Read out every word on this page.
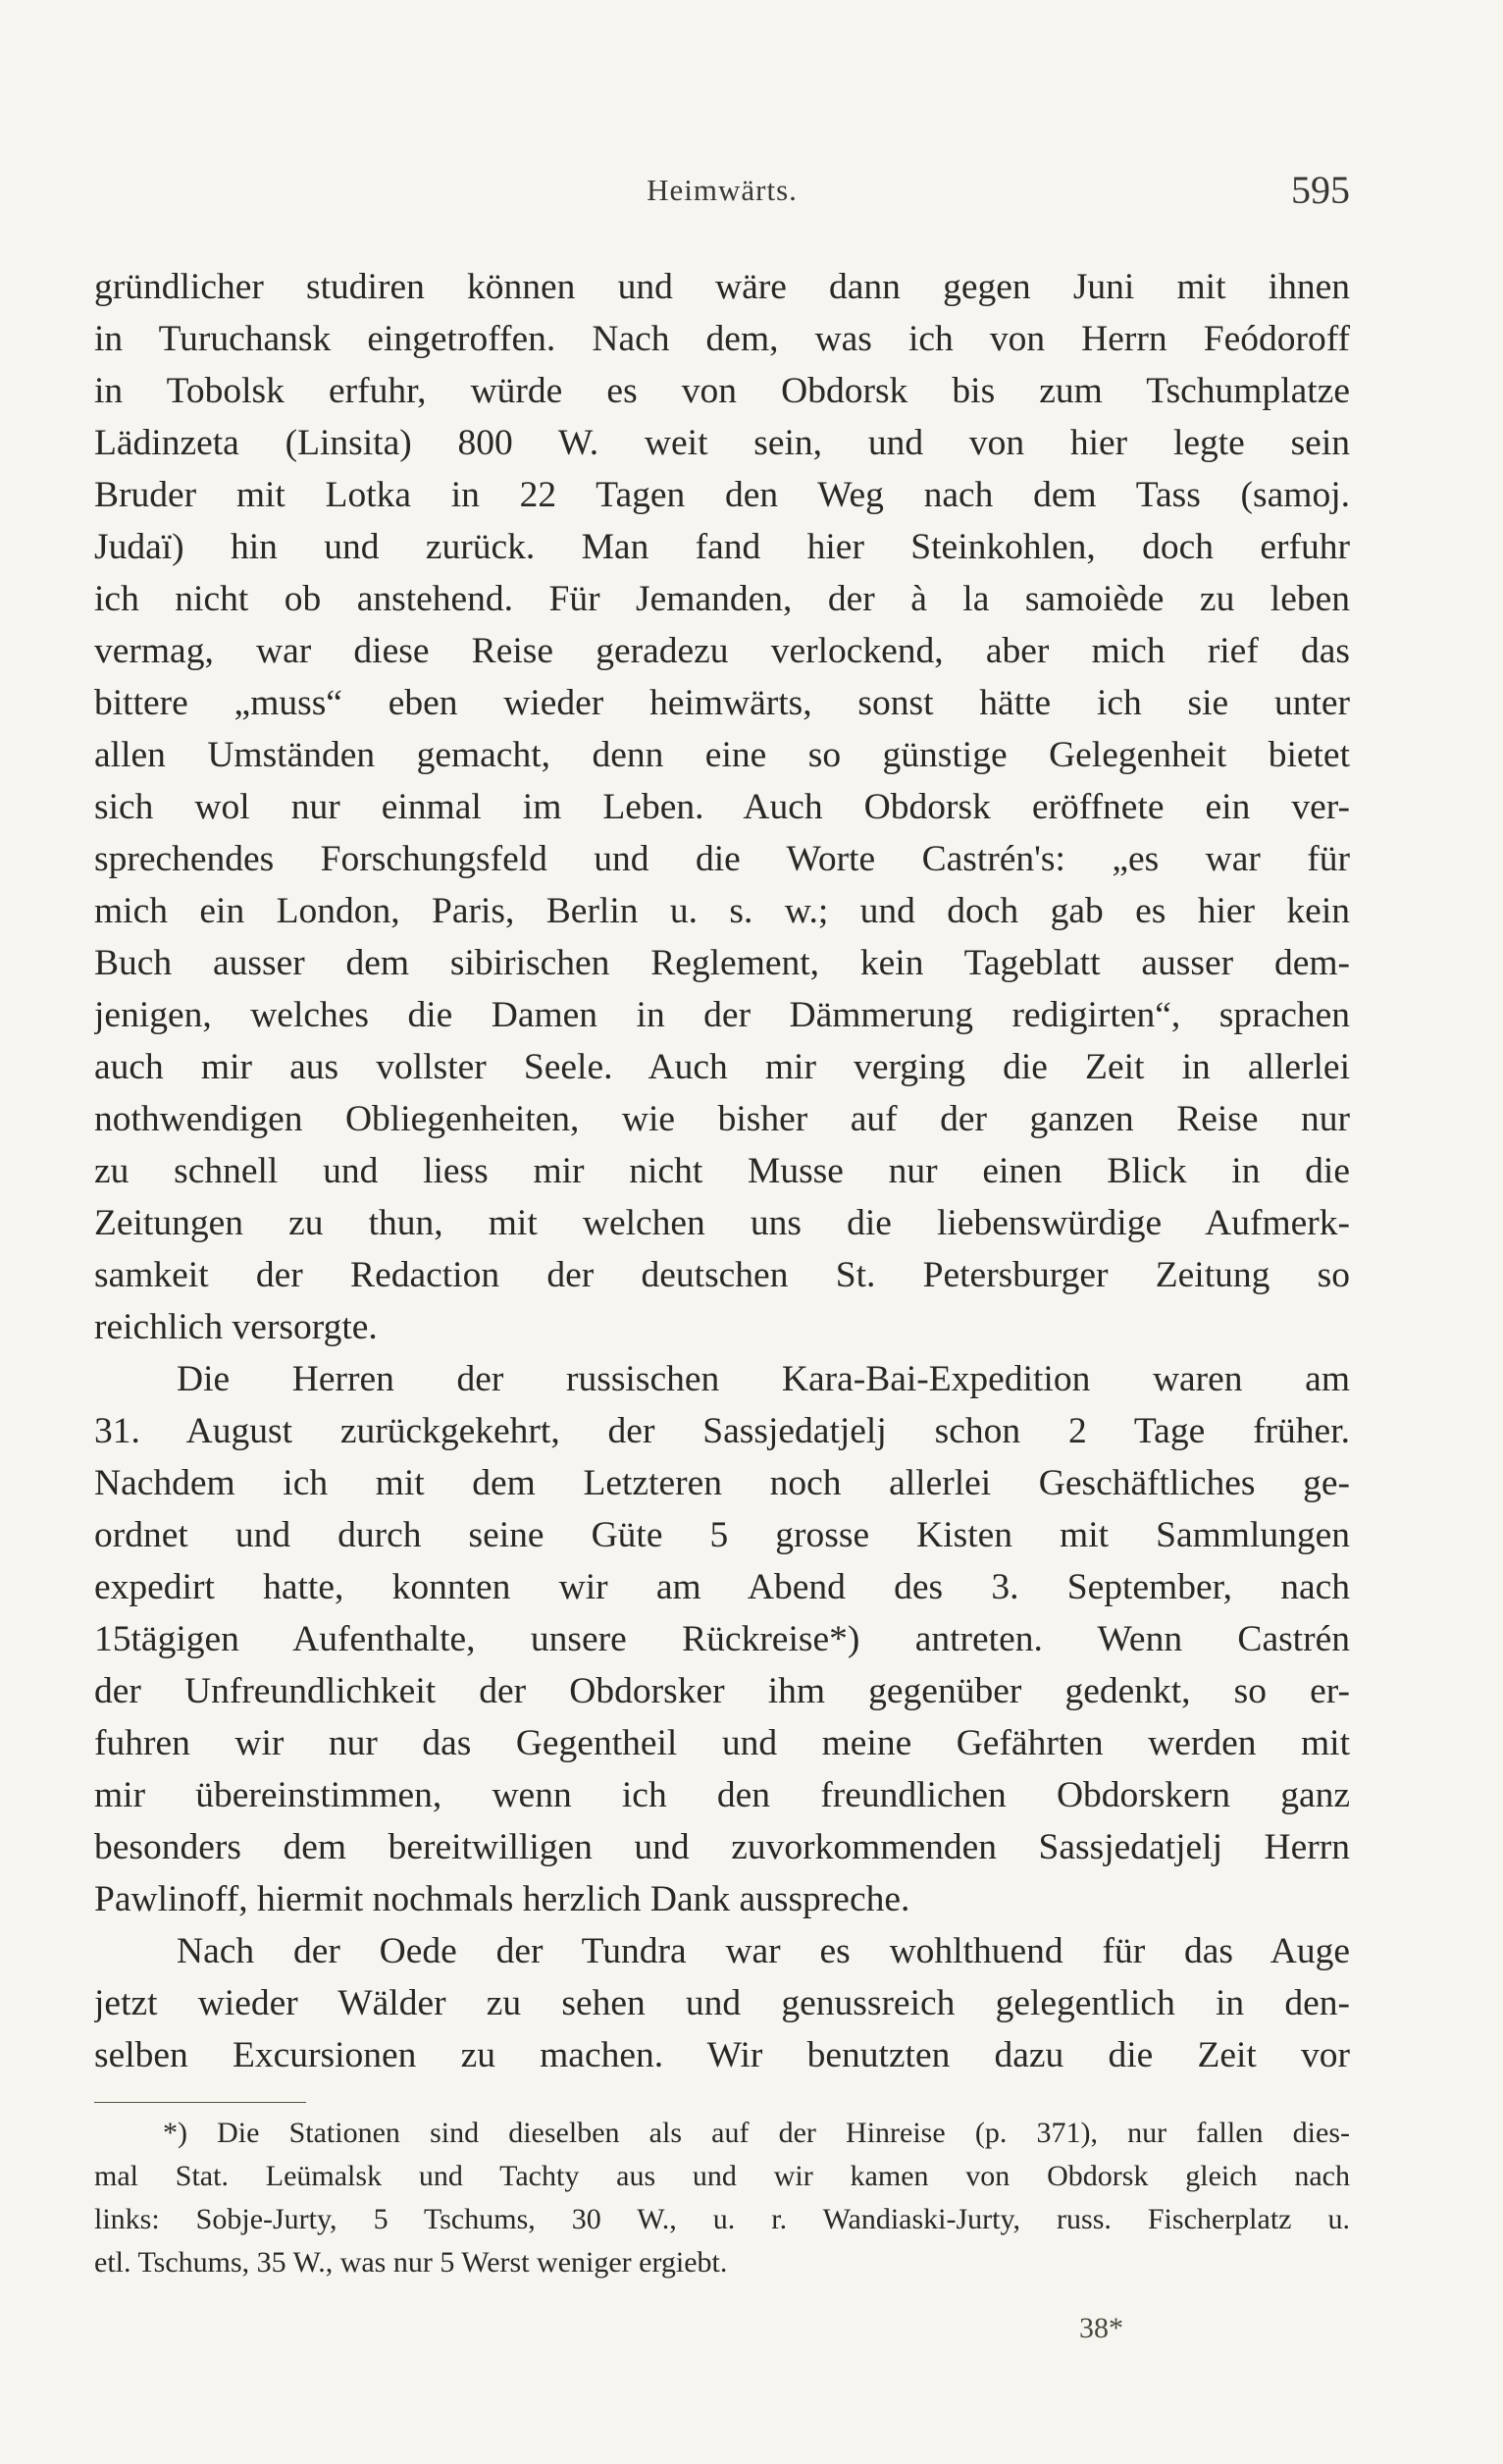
Heimwärts.	595
gründlicher studiren können und wäre dann gegen Juni mit ihnen
in Turuchansk eingetroffen. Nach dem, was ich von Herrn Feódoroff
in Tobolsk erfuhr, würde es von Obdorsk bis zum Tschumplatze
Lädinzeta (Linsita) 800 W. weit sein, und von hier legte sein
Bruder mit Lotka in 22 Tagen den Weg nach dem Tass (samoj.
Judaï) hin und zurück. Man fand hier Steinkohlen, doch erfuhr
ich nicht ob anstehend. Für Jemanden, der à la samoiède zu leben
vermag, war diese Reise geradezu verlockend, aber mich rief das
bittere „muss“ eben wieder heimwärts, sonst hätte ich sie unter
allen Umständen gemacht, denn eine so günstige Gelegenheit bietet
sich wol nur einmal im Leben. Auch Obdorsk eröffnete ein ver-
sprechendes Forschungsfeld und die Worte Castrén's: „es war für
mich ein London, Paris, Berlin u. s. w.; und doch gab es hier kein
Buch ausser dem sibirischen Reglement, kein Tageblatt ausser dem-
jenigen, welches die Damen in der Dämmerung redigirten“, sprachen
auch mir aus vollster Seele. Auch mir verging die Zeit in allerlei
nothwendigen Obliegenheiten, wie bisher auf der ganzen Reise nur
zu schnell und liess mir nicht Musse nur einen Blick in die
Zeitungen zu thun, mit welchen uns die liebenswürdige Aufmerk-
samkeit der Redaction der deutschen St. Petersburger Zeitung so
reichlich versorgte.
Die Herren der russischen Kara-Bai-Expedition waren am
31. August zurückgekehrt, der Sassjedatjelj schon 2 Tage früher.
Nachdem ich mit dem Letzteren noch allerlei Geschäftliches ge-
ordnet und durch seine Güte 5 grosse Kisten mit Sammlungen
expedirt hatte, konnten wir am Abend des 3. September, nach
15tägigen Aufenthalte, unsere Rückreise*) antreten. Wenn Castrén
der Unfreundlichkeit der Obdorsker ihm gegenüber gedenkt, so er-
fuhren wir nur das Gegentheil und meine Gefährten werden mit
mir übereinstimmen, wenn ich den freundlichen Obdorskern ganz
besonders dem bereitwilligen und zuvorkommenden Sassjedatjelj Herrn
Pawlinoff, hiermit nochmals herzlich Dank ausspreche.
Nach der Oede der Tundra war es wohlthuend für das Auge
jetzt wieder Wälder zu sehen und genussreich gelegentlich in den-
selben Excursionen zu machen. Wir benutzten dazu die Zeit vor
*) Die Stationen sind dieselben als auf der Hinreise (p. 371), nur fallen dies-
mal Stat. Leümalsk und Tachty aus und wir kamen von Obdorsk gleich nach
links: Sobje-Jurty, 5 Tschums, 30 W., u. r. Wandiaski-Jurty, russ. Fischerplatz u.
etl. Tschums, 35 W., was nur 5 Werst weniger ergiebt.
38*
